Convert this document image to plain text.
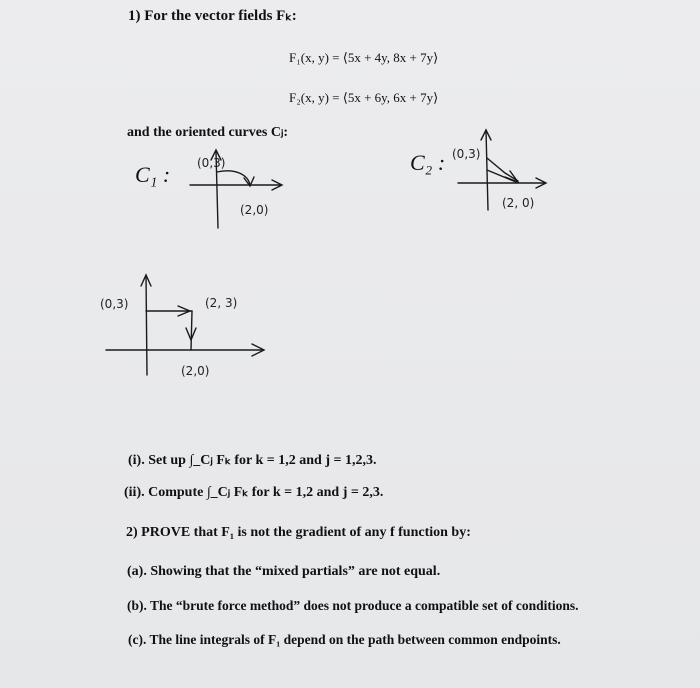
1) For the vector fields Fₖ:
F₁(x, y) = ⟨5x + 4y, 8x + 7y⟩
F₂(x, y) = ⟨5x + 6y, 6x + 7y⟩
and the oriented curves Cⱼ:
C₁ : (0,3)
(2,0)
C₂ : (0,3)
(2, 0)
(0,3)	(2, 3)
(2,0)
(i). Set up ∫_Cⱼ Fₖ for k = 1,2 and j = 1,2,3.
(ii). Compute ∫_Cⱼ Fₖ for k = 1,2 and j = 2,3.
2) PROVE that F₁ is not the gradient of any f function by:
(a). Showing that the “mixed partials” are not equal.
(b). The “brute force method” does not produce a compatible set of conditions.
(c). The line integrals of F₁ depend on the path between common endpoints.
